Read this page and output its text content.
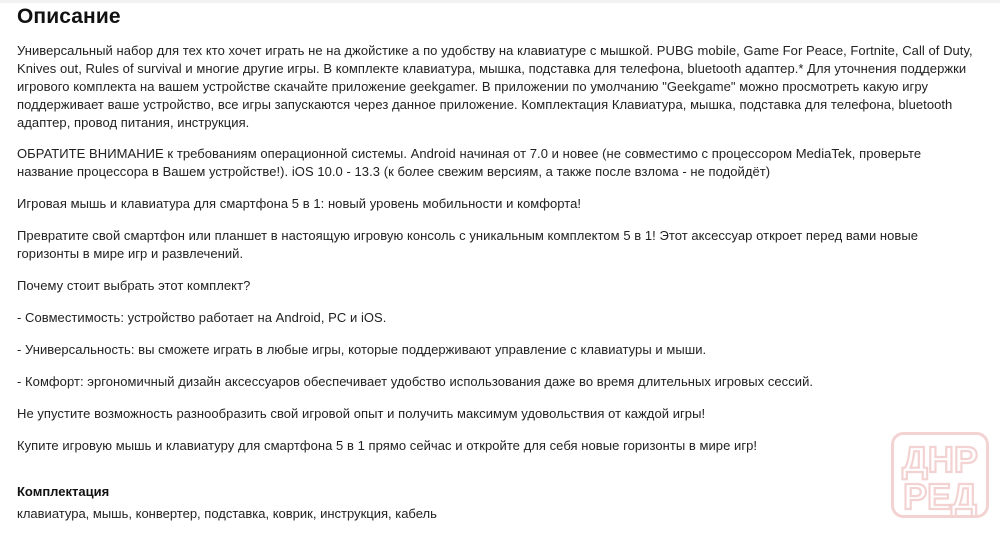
Описание

Универсальный набор для тех кто хочет играть не на джойстике а по удобству на клавиатуре с мышкой. PUBG mobile, Game For Peace, Fortnite, Call of Duty, Knives out, Rules of survival и многие другие игры. В комплекте клавиатура, мышка, подставка для телефона, bluetooth адаптер.* Для уточнения поддержки игрового комплекта на вашем устройстве скачайте приложение geekgamer. В приложении по умолчанию "Geekgame" можно просмотреть какую игру поддерживает ваше устройство, все игры запускаются через данное приложение. Комплектация Клавиатура, мышка, подставка для телефона, bluetooth адаптер, провод питания, инструкция.

ОБРАТИТЕ ВНИМАНИЕ к требованиям операционной системы. Android начиная от 7.0 и новее (не совместимо с процессором MediaTek, проверьте название процессора в Вашем устройстве!). iOS 10.0 - 13.3 (к более свежим версиям, а также после взлома - не подойдёт)

Игровая мышь и клавиатура для смартфона 5 в 1: новый уровень мобильности и комфорта!

Превратите свой смартфон или планшет в настоящую игровую консоль с уникальным комплектом 5 в 1! Этот аксессуар откроет перед вами новые горизонты в мире игр и развлечений.

Почему стоит выбрать этот комплект?

- Совместимость: устройство работает на Android, PC и iOS.

- Универсальность: вы сможете играть в любые игры, которые поддерживают управление с клавиатуры и мыши.

- Комфорт: эргономичный дизайн аксессуаров обеспечивает удобство использования даже во время длительных игровых сессий.

Не упустите возможность разнообразить свой игровой опыт и получить максимум удовольствия от каждой игры!

Купите игровую мышь и клавиатуру для смартфона 5 в 1 прямо сейчас и откройте для себя новые горизонты в мире игр!

Комплектация

клавиатура, мышь, конвертер, подставка, коврик, инструкция, кабель

ДНР
РЕД
